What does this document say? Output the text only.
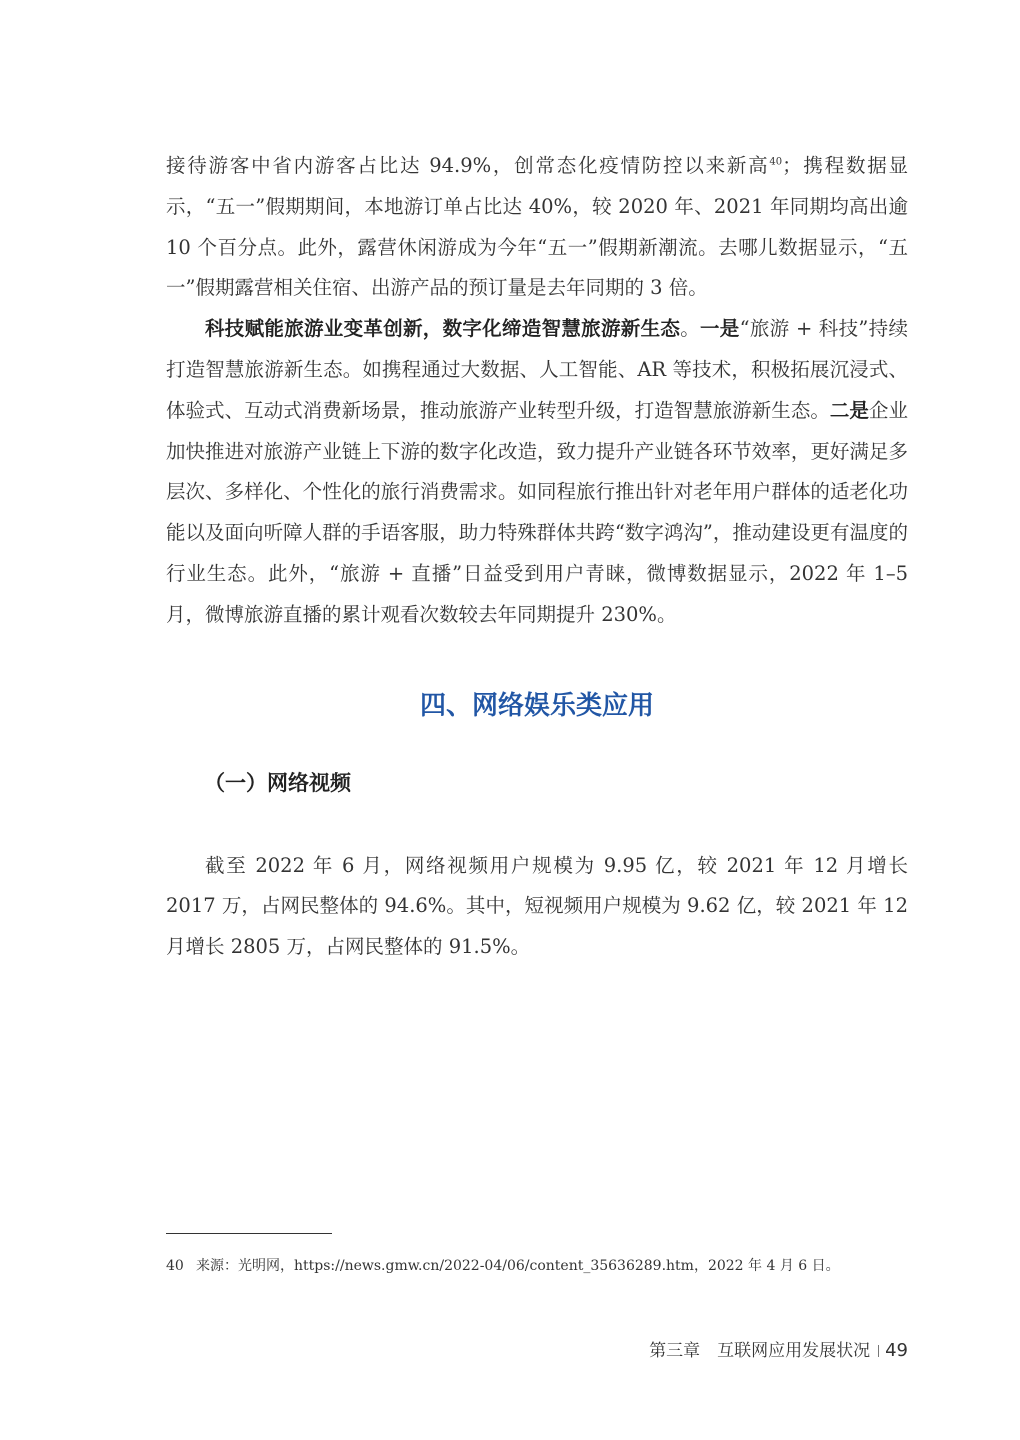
接待游客中省内游客占比达 94.9%，创常态化疫情防控以来新高$^{40}$；携程数据显示，“五一”假期期间，本地游订单占比达 40%，较 2020 年、2021 年同期均高出逾 10 个百分点。此外，露营休闲游成为今年“五一”假期新潮流。去哪儿数据显示，“五一”假期露营相关住宿、出游产品的预订量是去年同期的 3 倍。

科技赋能旅游业变革创新，数字化缔造智慧旅游新生态。一是“旅游 + 科技”持续打造智慧旅游新生态。如携程通过大数据、人工智能、AR 等技术，积极拓展沉浸式、体验式、互动式消费新场景，推动旅游产业转型升级，打造智慧旅游新生态。二是企业加快推进对旅游产业链上下游的数字化改造，致力提升产业链各环节效率，更好满足多层次、多样化、个性化的旅行消费需求。如同程旅行推出针对老年用户群体的适老化功能以及面向听障人群的手语客服，助力特殊群体共跨“数字鸿沟”，推动建设更有温度的行业生态。此外，“旅游 + 直播”日益受到用户青睐，微博数据显示，2022 年 1–5 月，微博旅游直播的累计观看次数较去年同期提升 230%。

四、网络娱乐类应用
（一）网络视频

截至 2022 年 6 月，网络视频用户规模为 9.95 亿，较 2021 年 12 月增长 2017 万，占网民整体的 94.6%。其中，短视频用户规模为 9.62 亿，较 2021 年 12 月增长 2805 万，占网民整体的 91.5%。

40 来源：光明网，https://news.gmw.cn/2022-04/06/content_35636289.htm，2022 年 4 月 6 日。
第三章　互联网应用发展状况 49
